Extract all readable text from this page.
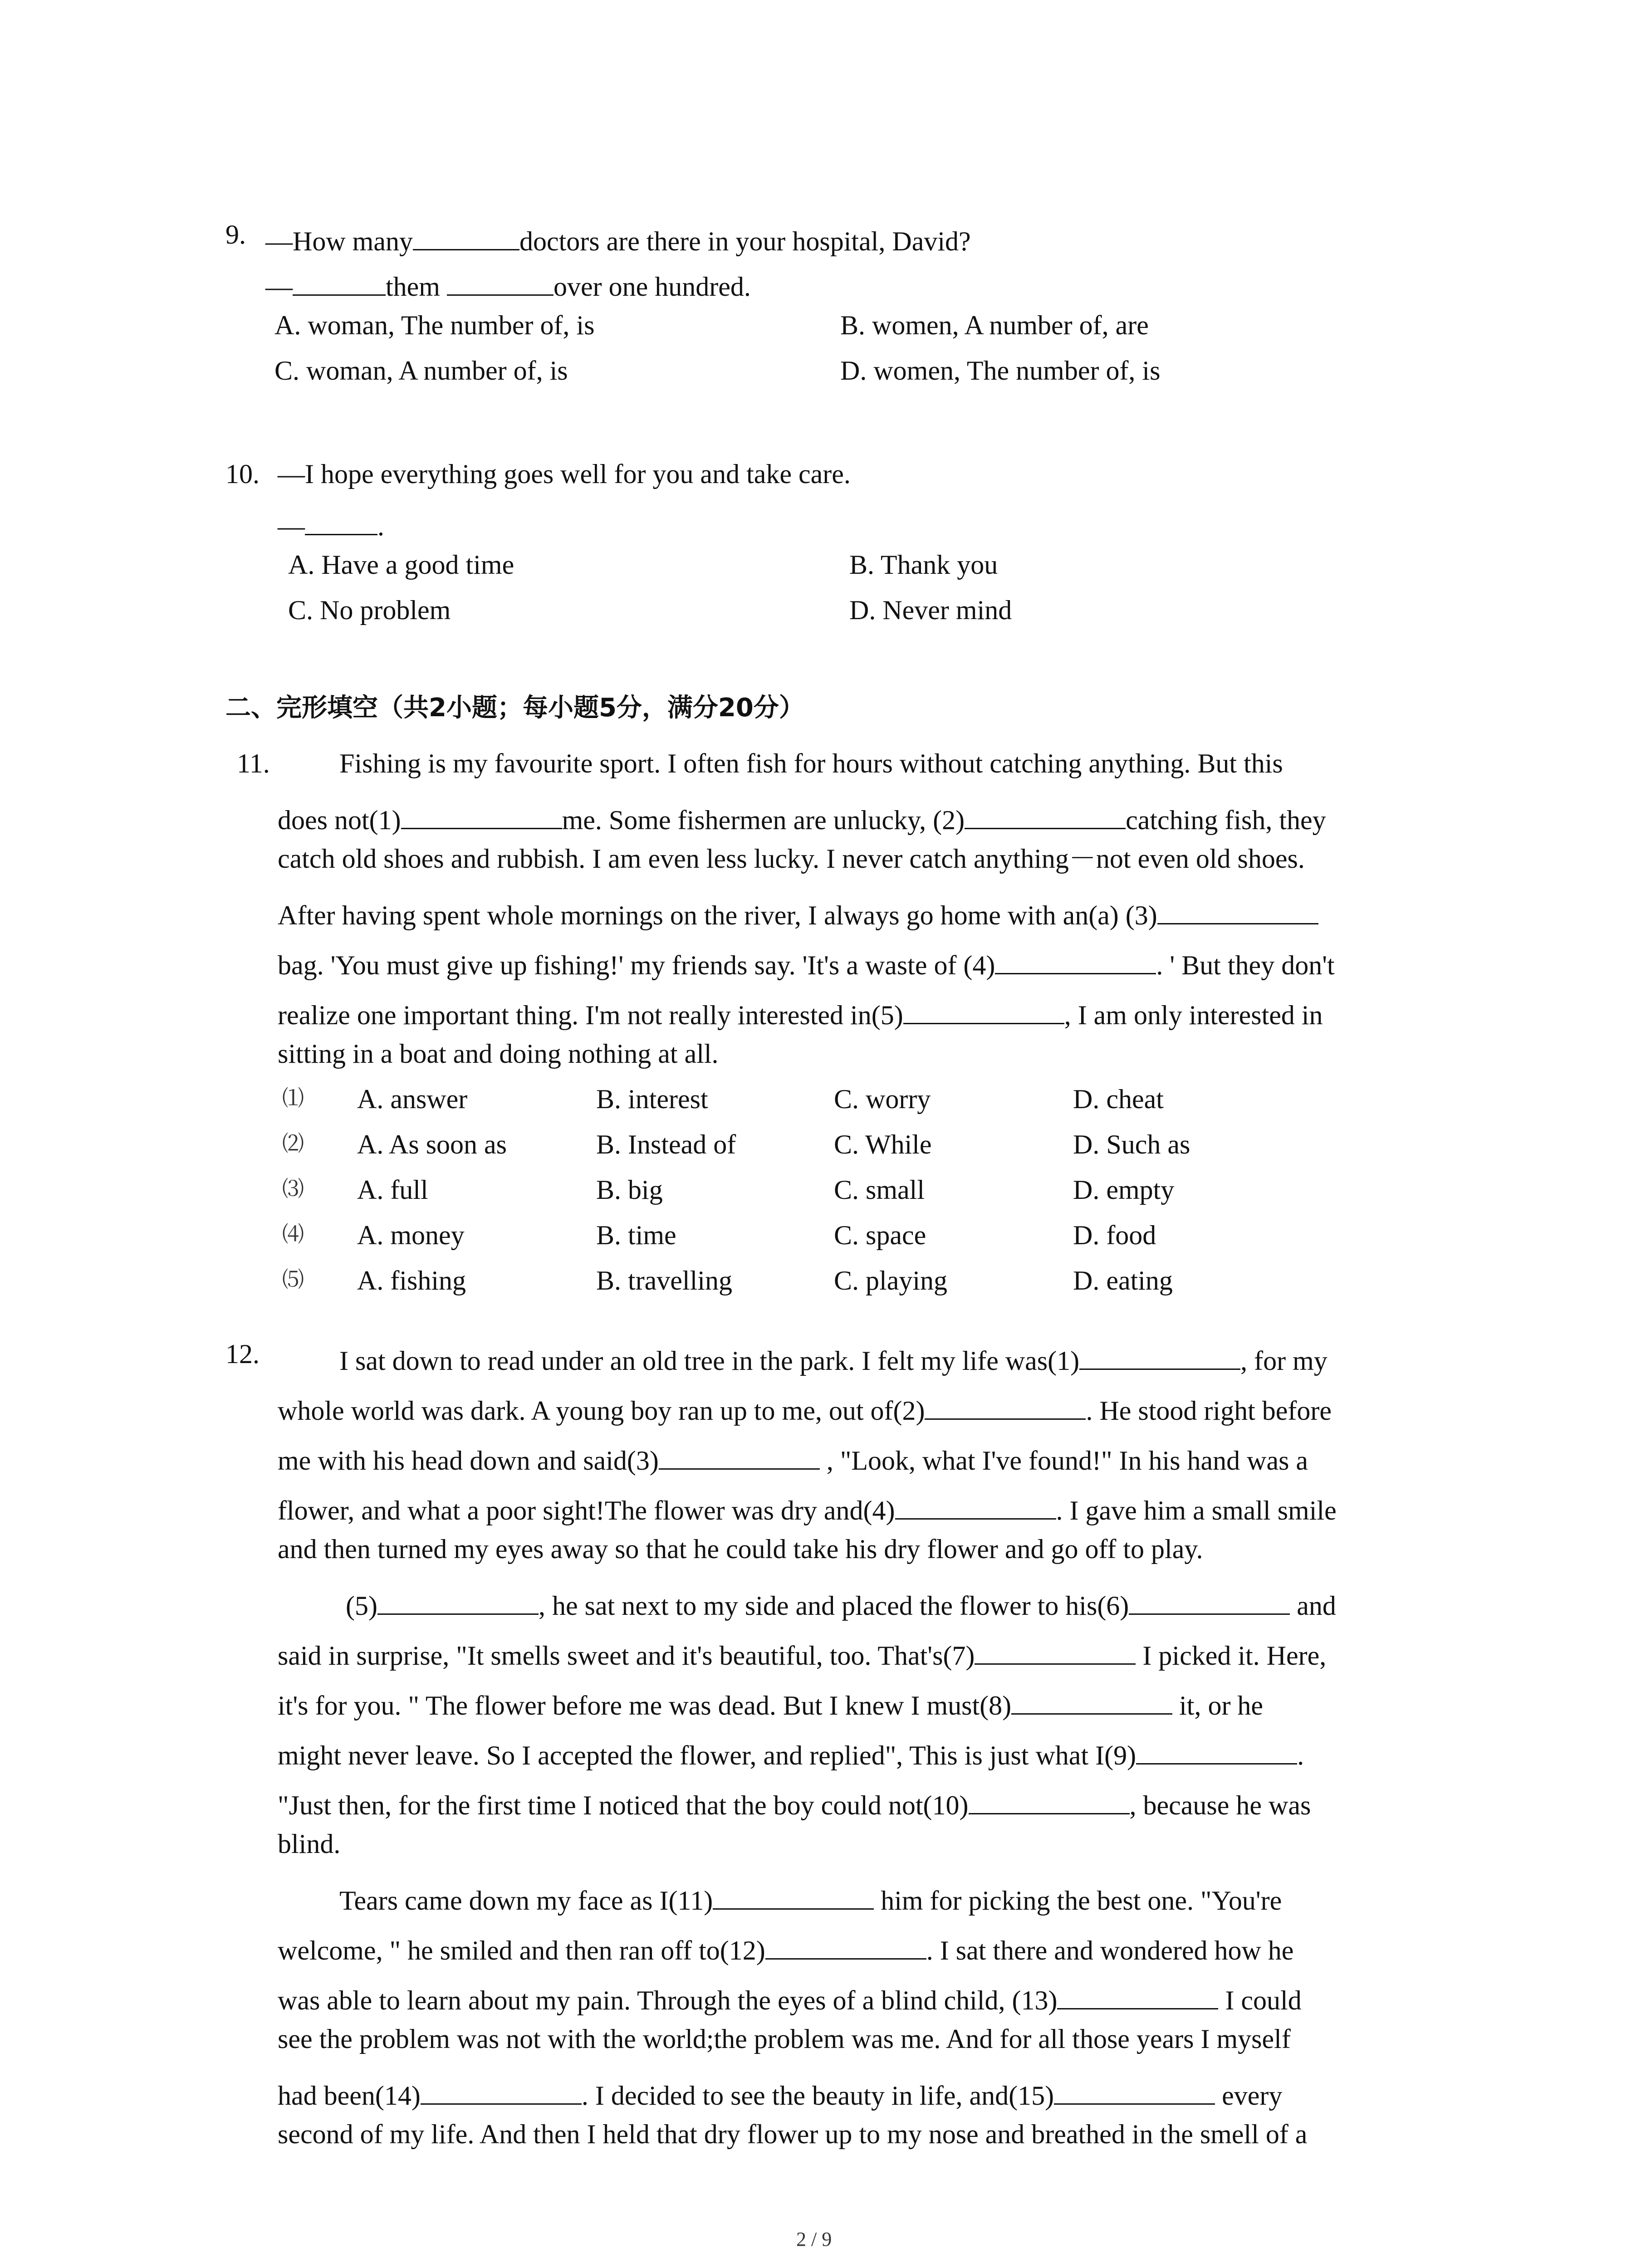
9. —How many	doctors are there in your hospital, David?
—	them	over one hundred.
A. woman, The number of, is	B. women, A number of, are
C. woman, A number of, is	D. women, The number of, is
10. —I hope everything goes well for you and take care.
—	.
A. Have a good time	B. Thank you
C. No problem	D. Never mind
二、完形填空（共2小题；每小题5分，满分20分）
11.	Fishing is my favourite sport. I often fish for hours without catching anything. But this
does not(1)	me. Some fishermen are unlucky, (2)	catching fish, they
catch old shoes and rubbish. I am even less lucky. I never catch anything－not even old shoes.
After having spent whole mornings on the river, I always go home with an(a) (3)
bag. 'You must give up fishing!' my friends say. 'It's a waste of (4)	. ' But they don't
realize one important thing. I'm not really interested in(5)	, I am only interested in
sitting in a boat and doing nothing at all.
⑴ A. answer	B. interest	C. worry	D. cheat
⑵ A. As soon as	B. Instead of	C. While	D. Such as
⑶ A. full	B. big	C. small	D. empty
⑷ A. money	B. time	C. space	D. food
⑸ A. fishing	B. travelling	C. playing	D. eating
12.	I sat down to read under an old tree in the park. I felt my life was(1)	, for my
whole world was dark. A young boy ran up to me, out of(2)	. He stood right before
me with his head down and said(3)	, "Look, what I've found!" In his hand was a
flower, and what a poor sight!The flower was dry and(4)	. I gave him a small smile
and then turned my eyes away so that he could take his dry flower and go off to play.
(5)	, he sat next to my side and placed the flower to his(6)	and
said in surprise, "It smells sweet and it's beautiful, too. That's(7)	I picked it. Here,
it's for you. " The flower before me was dead. But I knew I must(8)	it, or he
might never leave. So I accepted the flower, and replied", This is just what I(9)	.
"Just then, for the first time I noticed that the boy could not(10)	, because he was
blind.
Tears came down my face as I(11)	him for picking the best one. "You're
welcome, " he smiled and then ran off to(12)	. I sat there and wondered how he
was able to learn about my pain. Through the eyes of a blind child, (13)	I could
see the problem was not with the world;the problem was me. And for all those years I myself
had been(14)	. I decided to see the beauty in life, and(15)	every
second of my life. And then I held that dry flower up to my nose and breathed in the smell of a
2 / 9
